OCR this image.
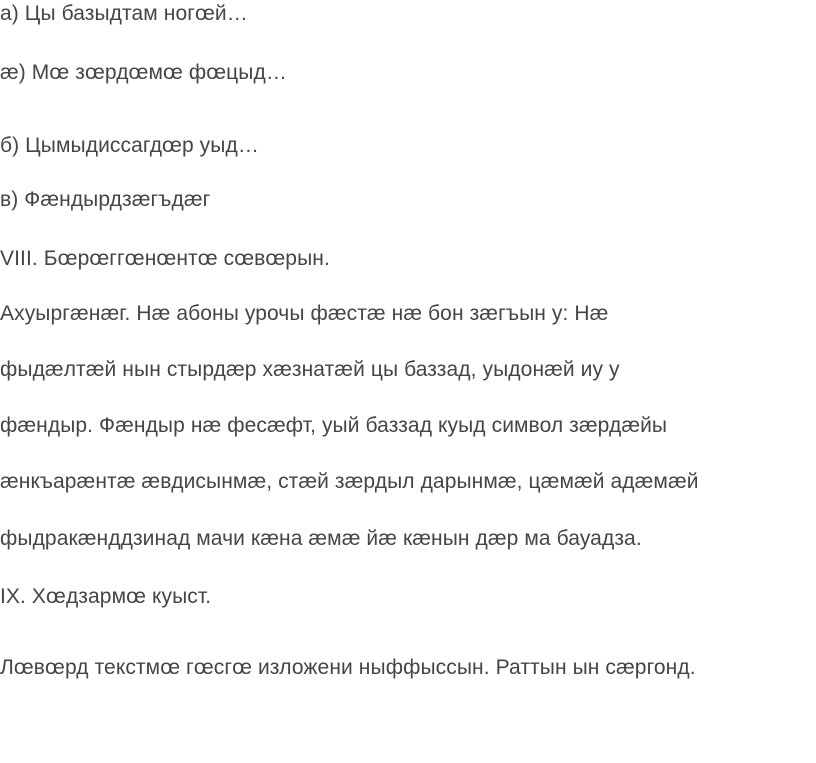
а) Цы базыдтам ногœй…
æ) Мœ зœрдœмœ фœцыд…
б) Цымыдиссагдœр уыд…
в) Фæндырдзæгъдæг
VIII. Бœрœггœнœнтœ сœвœрын.
Ахуыргæнæг. Нæ абоны урочы фæстæ нæ бон зæгъын у: Нæ
фыдæлтæй нын стырдæр хæзнатæй цы баззад, уыдонæй иу у
фæндыр. Фæндыр нæ фесæфт, уый баззад куыд символ зæрдæйы
æнкъарæнтæ æвдисынмæ, стæй зæрдыл дарынмæ, цæмæй адæмæй
фыдракæнддзинад мачи кæна æмæ йæ кæнын дæр ма бауадза.
IX. Хœдзармœ куыст.
Лœвœрд текстмœ гœсгœ изложени ныффыссын. Раттын ын сæргонд.
